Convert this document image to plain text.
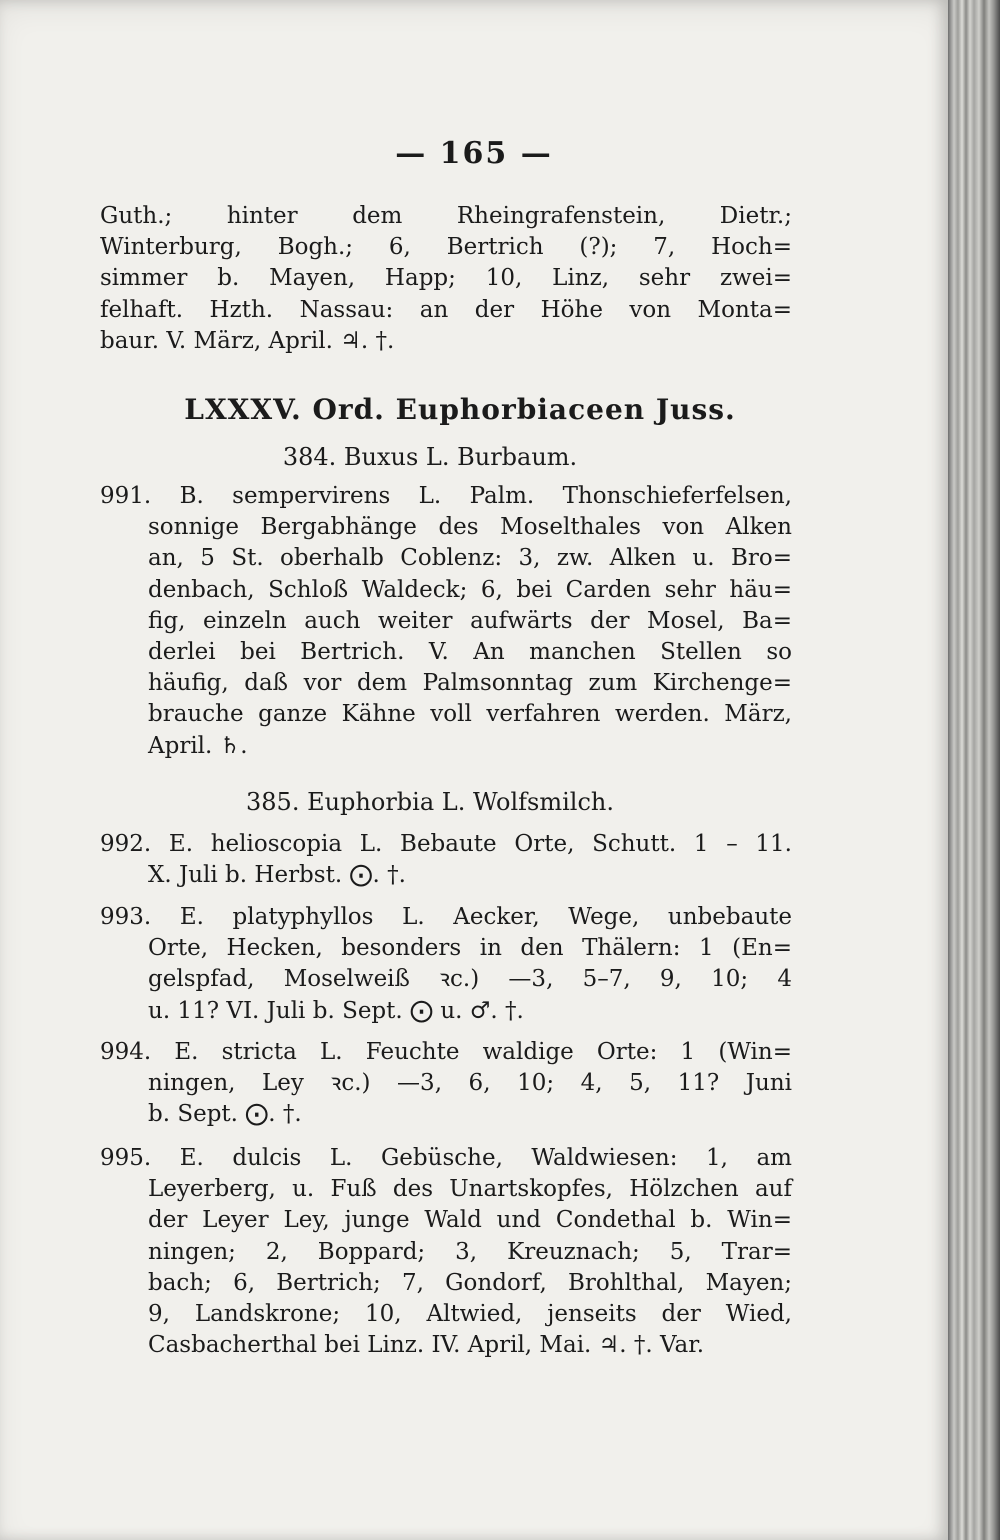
— 165 —
Guth.; hinter dem Rheingrafenstein, Dietr.;
Winterburg, Bogh.; 6, Bertrich (?); 7, Hoch=
simmer b. Mayen, Happ; 10, Linz, sehr zwei=
felhaft. Hzth. Nassau: an der Höhe von Monta=
baur. V. März, April. ♃. †.
LXXXV. Ord. Euphorbiaceen Juss.
384. Buxus L. Burbaum.
991. B. sempervirens L. Palm. Thonschieferfelsen,
sonnige Bergabhänge des Moselthales von Alken
an, 5 St. oberhalb Coblenz: 3, zw. Alken u. Bro=
denbach, Schloß Waldeck; 6, bei Carden sehr häu=
fig, einzeln auch weiter aufwärts der Mosel, Ba=
derlei bei Bertrich. V. An manchen Stellen so
häufig, daß vor dem Palmsonntag zum Kirchenge=
brauche ganze Kähne voll verfahren werden. März,
April. ♄.
385. Euphorbia L. Wolfsmilch.
992. E. helioscopia L. Bebaute Orte, Schutt. 1 – 11.
X. Juli b. Herbst. ⨀. †.
993. E. platyphyllos L. Aecker, Wege, unbebaute
Orte, Hecken, besonders in den Thälern: 1 (En=
gelspfad, Moselweiß ꝛc.) —3, 5–7, 9, 10; 4
u. 11? VI. Juli b. Sept. ⨀ u. ♂. †.
994. E. stricta L. Feuchte waldige Orte: 1 (Win=
ningen, Ley ꝛc.) —3, 6, 10; 4, 5, 11? Juni
b. Sept. ⨀. †.
995. E. dulcis L. Gebüsche, Waldwiesen: 1, am
Leyerberg, u. Fuß des Unartskopfes, Hölzchen auf
der Leyer Ley, junge Wald und Condethal b. Win=
ningen; 2, Boppard; 3, Kreuznach; 5, Trar=
bach; 6, Bertrich; 7, Gondorf, Brohlthal, Mayen;
9, Landskrone; 10, Altwied, jenseits der Wied,
Casbacherthal bei Linz. IV. April, Mai. ♃. †. Var.
